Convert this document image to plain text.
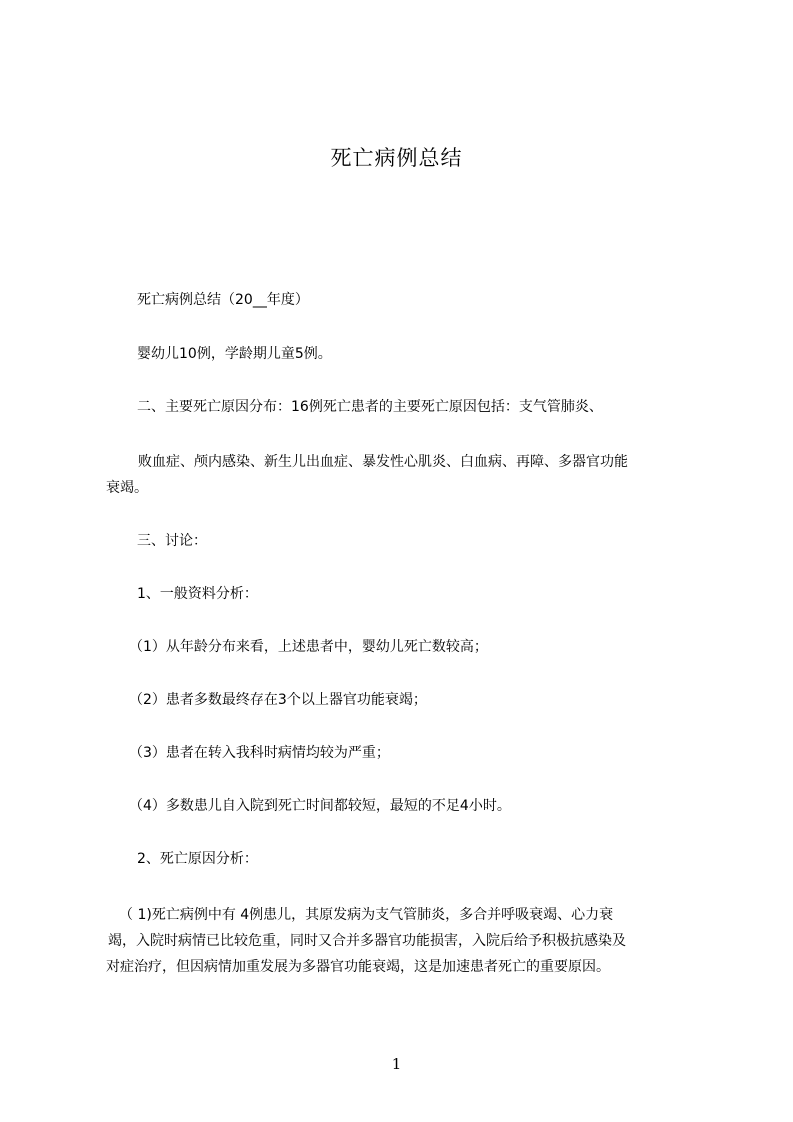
死亡病例总结
死亡病例总结（20__年度）
婴幼儿10例，学龄期儿童5例。
二、主要死亡原因分布：16例死亡患者的主要死亡原因包括：支气管肺炎、
败血症、颅内感染、新生儿出血症、暴发性心肌炎、白血病、再障、多器官功能
衰竭。
三、讨论：
1、一般资料分析：
（1）从年龄分布来看，上述患者中，婴幼儿死亡数较高；
（2）患者多数最终存在3个以上器官功能衰竭；
（3）患者在转入我科时病情均较为严重；
（4）多数患儿自入院到死亡时间都较短，最短的不足4小时。
2、死亡原因分析：
（ 1)死亡病例中有 4例患儿，其原发病为支气管肺炎，多合并呼吸衰竭、心力衰
竭，入院时病情已比较危重，同时又合并多器官功能损害，入院后给予积极抗感染及
对症治疗，但因病情加重发展为多器官功能衰竭，这是加速患者死亡的重要原因。
1
